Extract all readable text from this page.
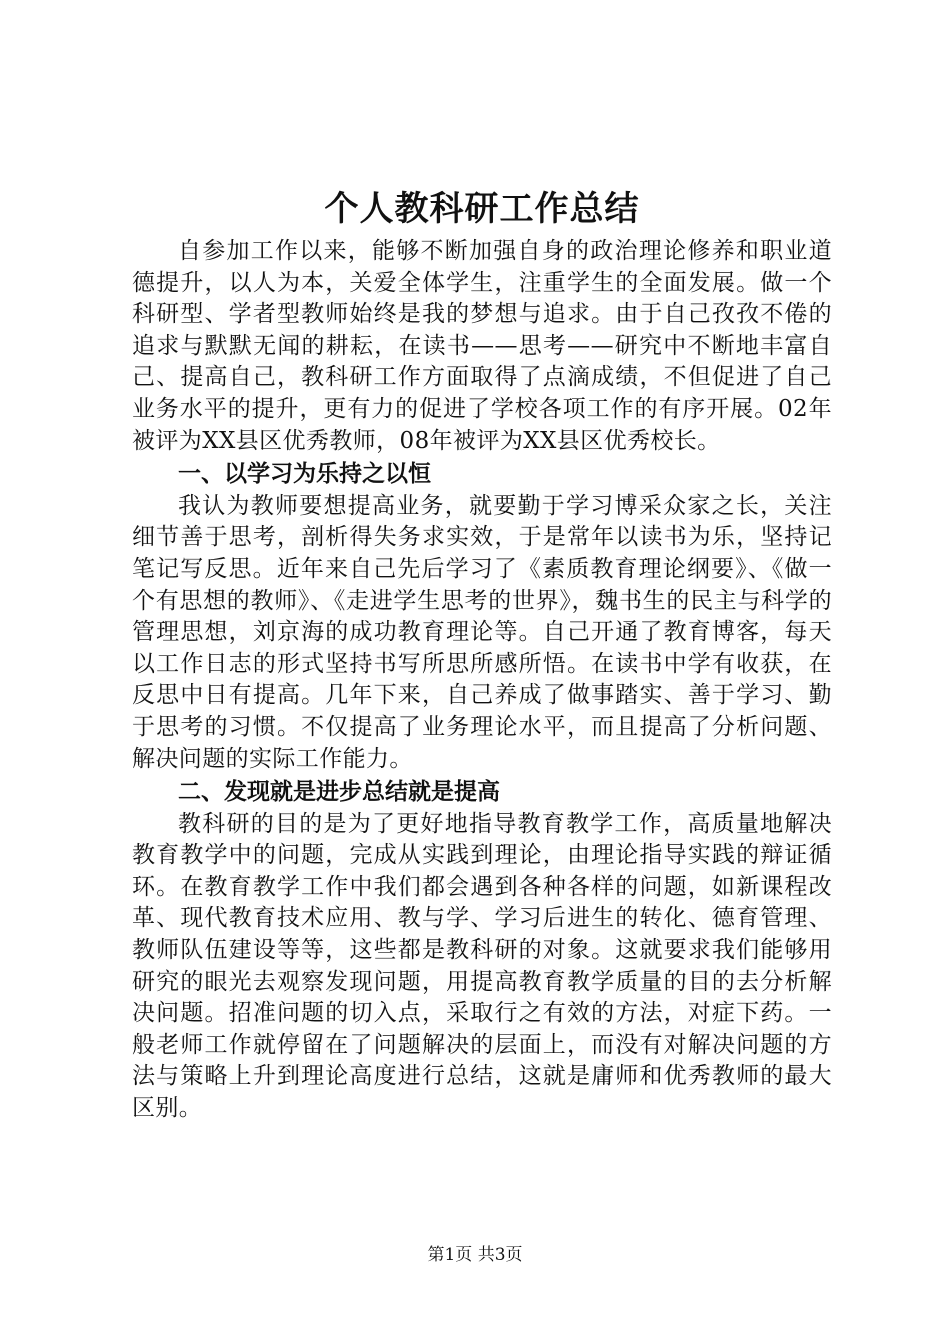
个人教科研工作总结

自参加工作以来，能够不断加强自身的政治理论修养和职业道德提升，以人为本，关爱全体学生，注重学生的全面发展。做一个科研型、学者型教师始终是我的梦想与追求。由于自己孜孜不倦的追求与默默无闻的耕耘，在读书——思考——研究中不断地丰富自己、提高自己，教科研工作方面取得了点滴成绩，不但促进了自己业务水平的提升，更有力的促进了学校各项工作的有序开展。02年被评为XX县区优秀教师，08年被评为XX县区优秀校长。

一、以学习为乐持之以恒

我认为教师要想提高业务，就要勤于学习博采众家之长，关注细节善于思考，剖析得失务求实效，于是常年以读书为乐，坚持记笔记写反思。近年来自己先后学习了《素质教育理论纲要》、《做一个有思想的教师》、《走进学生思考的世界》，魏书生的民主与科学的管理思想，刘京海的成功教育理论等。自己开通了教育博客，每天以工作日志的形式坚持书写所思所感所悟。在读书中学有收获，在反思中日有提高。几年下来，自己养成了做事踏实、善于学习、勤于思考的习惯。不仅提高了业务理论水平，而且提高了分析问题、解决问题的实际工作能力。

二、发现就是进步总结就是提高

教科研的目的是为了更好地指导教育教学工作，高质量地解决教育教学中的问题，完成从实践到理论，由理论指导实践的辩证循环。在教育教学工作中我们都会遇到各种各样的问题，如新课程改革、现代教育技术应用、教与学、学习后进生的转化、德育管理、教师队伍建设等等，这些都是教科研的对象。这就要求我们能够用研究的眼光去观察发现问题，用提高教育教学质量的目的去分析解决问题。招准问题的切入点，采取行之有效的方法，对症下药。一般老师工作就停留在了问题解决的层面上，而没有对解决问题的方法与策略上升到理论高度进行总结，这就是庸师和优秀教师的最大区别。

第1页 共3页
